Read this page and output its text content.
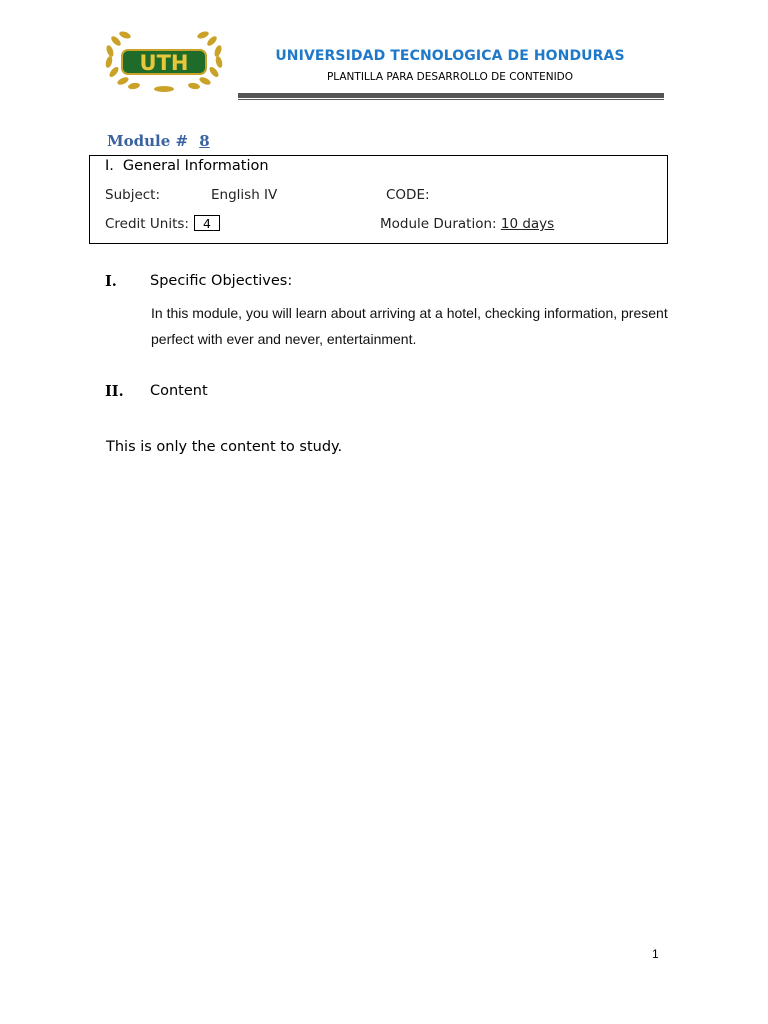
UTH	UNIVERSIDAD TECNOLOGICA DE HONDURAS
PLANTILLA PARA DESARROLLO DE CONTENIDO
Module # 8
I. General Information
Subject:	English IV	CODE:
Credit Units:	4	Module Duration: 10 days
I. Specific Objectives:
In this module, you will learn about arriving at a hotel, checking information, present perfect with ever and never, entertainment.
II. Content
This is only the content to study.
1
